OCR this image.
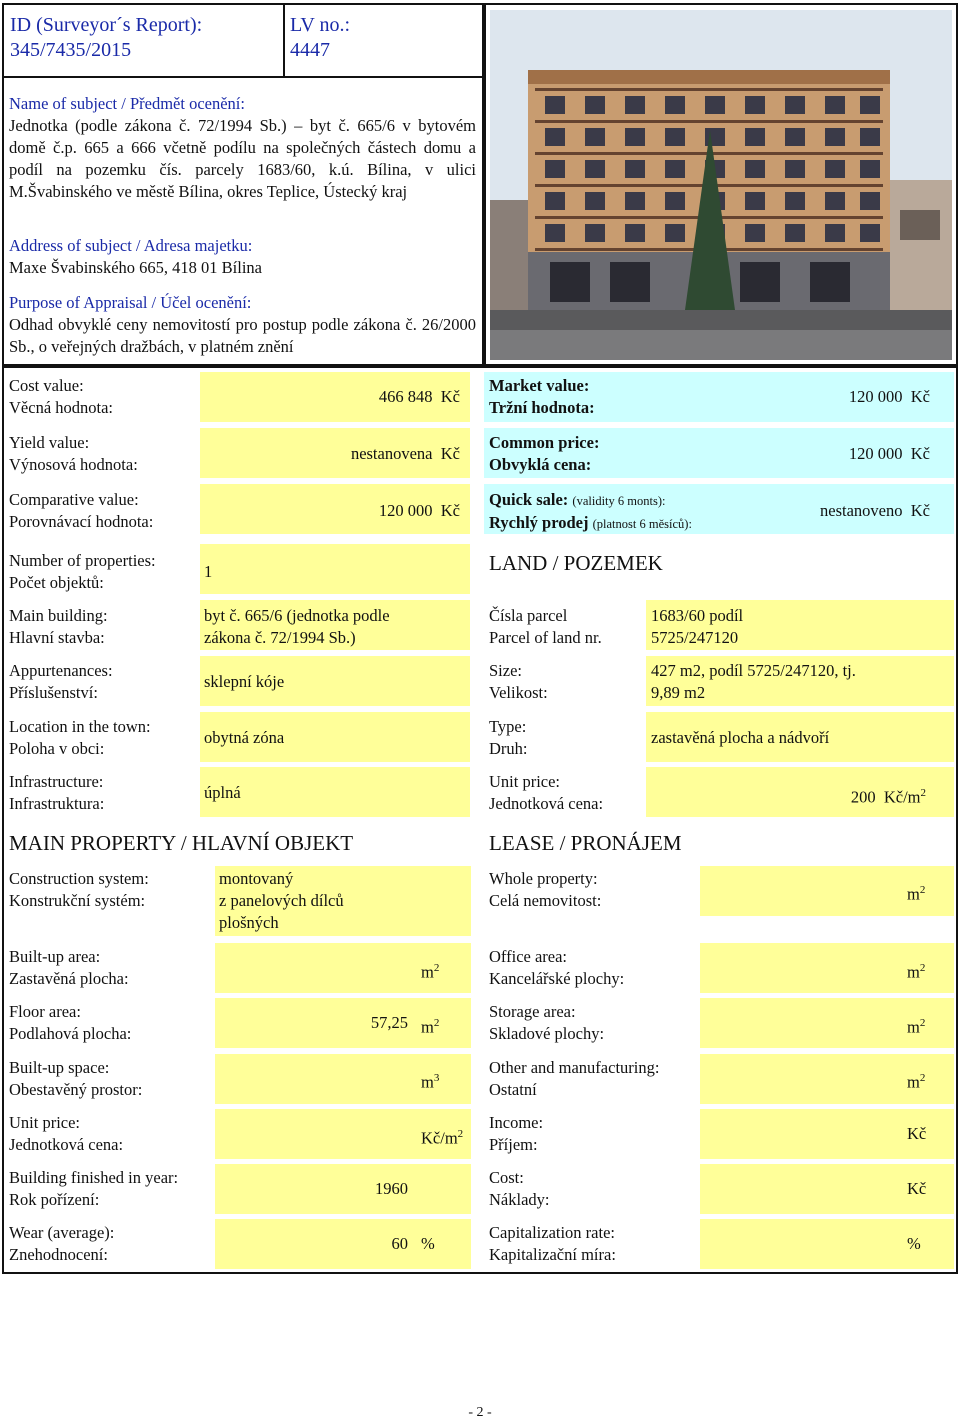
ID (Surveyor´s Report):
345/7435/2015
LV no.:
4447
Name of subject / Předmět ocenění:
Jednotka (podle zákona č. 72/1994 Sb.) – byt č. 665/6 v bytovém domě č.p. 665 a 666 včetně podílu na společných částech domu a podíl na pozemku čís. parcely 1683/60, k.ú. Bílina, v ulici M.Švabinského ve městě Bílina, okres Teplice, Ústecký kraj
Address of subject / Adresa majetku:
Maxe Švabinského 665, 418 01 Bílina
Purpose of Appraisal / Účel ocenění:
Odhad obvyklé ceny nemovitostí pro postup podle zákona č. 26/2000 Sb., o veřejných dražbách, v platném znění
Cost value:
Věcná hodnota:
466 848 Kč
Yield value:
Výnosová hodnota:
nestanovena Kč
Comparative value:
Porovnávací hodnota:
120 000 Kč
Market value:
Tržní hodnota:
120 000 Kč
Common price:
Obvyklá cena:
120 000 Kč
Quick sale: (validity 6 monts):
Rychlý prodej (platnost 6 měsíců):
nestanoveno Kč
Number of properties:
Počet objektů:
1
Main building:
Hlavní stavba:
byt č. 665/6 (jednotka podle zákona č. 72/1994 Sb.)
Appurtenances:
Příslušenství:
sklepní kóje
Location in the town:
Poloha v obci:
obytná zóna
Infrastructure:
Infrastruktura:
úplná
LAND / POZEMEK
Čísla parcel
Parcel of land nr.
1683/60 podíl 5725/247120
Size:
Velikost:
427 m2, podíl 5725/247120, tj. 9,89 m2
Type:
Druh:
zastavěná plocha a nádvoří
Unit price:
Jednotková cena:	200 $Kč/m^2$
MAIN PROPERTY / HLAVNÍ OBJEKT	LEASE / PRONÁJEM
Construction system:
Konstrukční systém:
montovaný
z panelových dílců
plošných
Built-up area:
Zastavěná plocha:	$m^2$
Floor area:
Podlahová plocha:
57,25 $m^2$
Built-up space:
Obestavěný prostor:	$m^3$
Unit price:
Jednotková cena:	$Kč/m^2$
Building finished in year:
Rok pořízení:
1960
Wear (average):
Znehodnocení:
60 %
Whole property:
Celá nemovitost:	$m^2$
Office area:
Kancelářské plochy:	$m^2$
Storage area:
Skladové plochy:	$m^2$
Other and manufacturing:
Ostatní	$m^2$
Income:
Příjem:
Kč
Cost:
Náklady:
Kč
Capitalization rate:
Kapitalizační míra:
%
- 2 -
